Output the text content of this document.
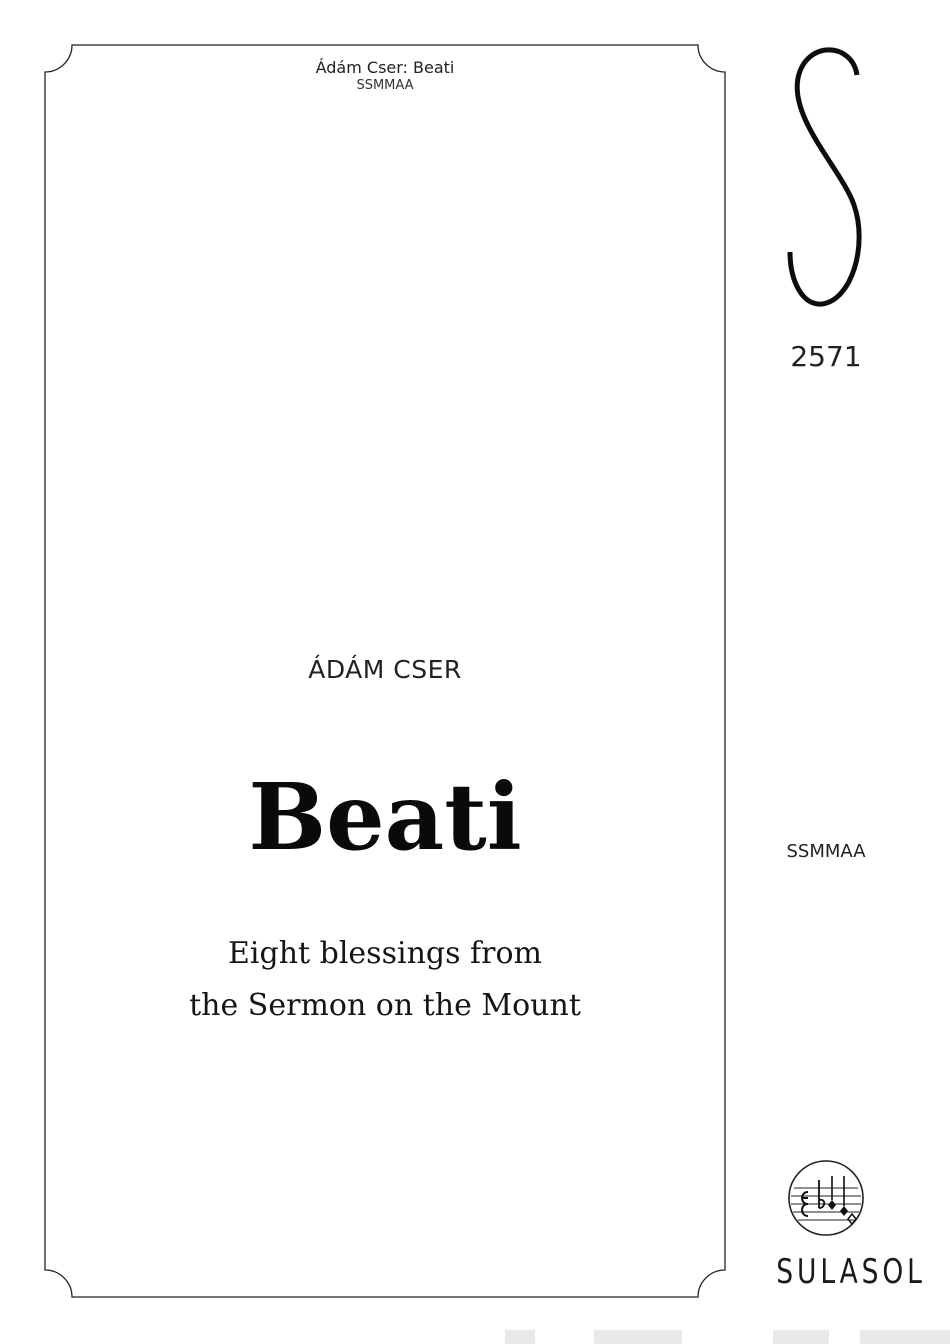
Ádám Cser: Beati
SSMMAA
ÁDÁM CSER
Beati
Eight blessings from
the Sermon on the Mount
2571
SSMMAA
SULASOL
